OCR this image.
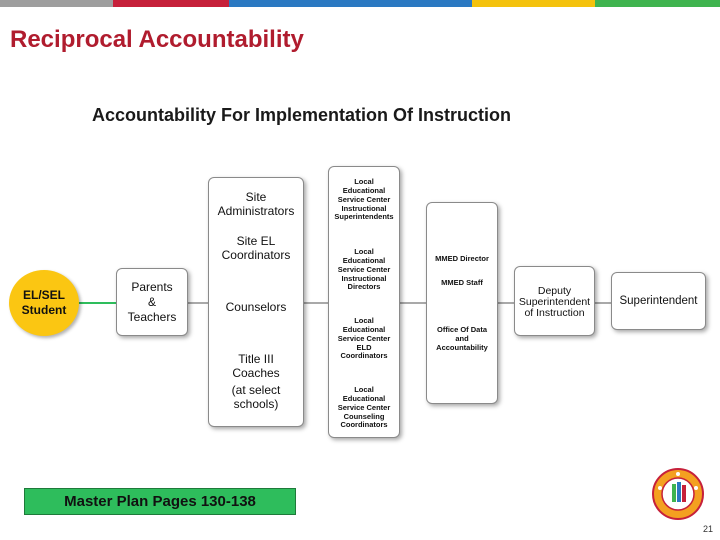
Reciprocal Accountability
Accountability For Implementation Of Instruction
EL/SEL
Student
Parents
&
Teachers
Site
Administrators
Site EL
Coordinators
Counselors
Title III
Coaches
(at select
schools)
Local
Educational
Service Center
Instructional
Superintendents
Local
Educational
Service Center
Instructional
Directors
Local
Educational
Service Center
ELD
Coordinators
Local
Educational
Service Center
Counseling
Coordinators
MMED Director
MMED Staff
Office Of Data
and
Accountability
Deputy
Superintendent
of Instruction
Superintendent
Master Plan Pages 130-138
21
